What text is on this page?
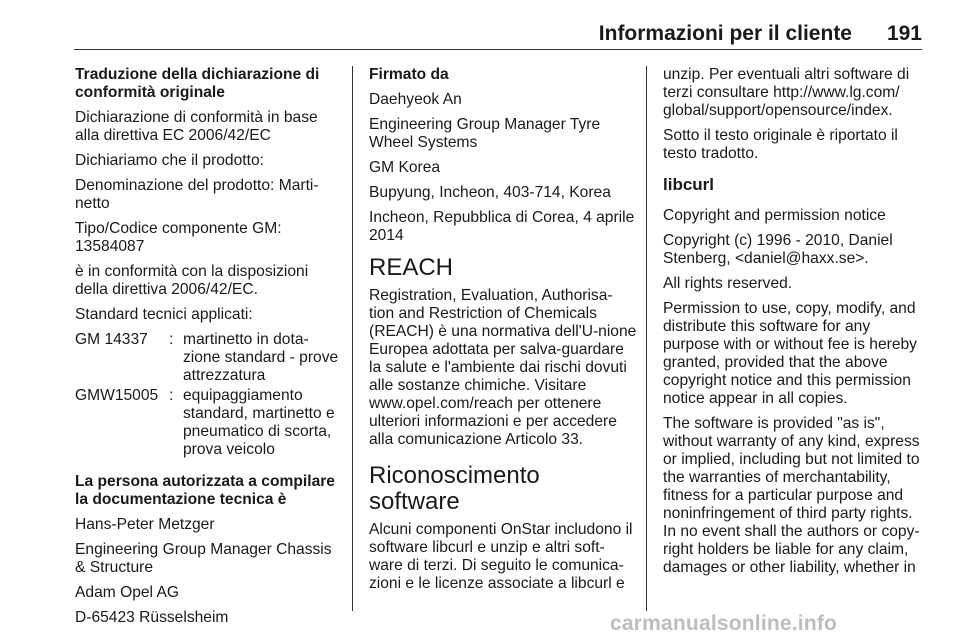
Informazioni per il cliente 191

Traduzione della dichiarazione di conformità originale

Dichiarazione di conformità in base alla direttiva EC 2006/42/EC

Dichiariamo che il prodotto:

Denominazione del prodotto: Marti-netto

Tipo/Codice componente GM: 13584087

è in conformità con la disposizioni della direttiva 2006/42/EC.

Standard tecnici applicati:

GM 14337	: martinetto in dota-zione standard - prove attrezzatura
GMW15005 : equipaggiamento standard, martinetto e pneumatico di scorta, prova veicolo

La persona autorizzata a compilare la documentazione tecnica è

Hans-Peter Metzger

Engineering Group Manager Chassis & Structure

Adam Opel AG

D-65423 Rüsselsheim

Firmato da

Daehyeok An

Engineering Group Manager Tyre Wheel Systems

GM Korea

Bupyung, Incheon, 403-714, Korea

Incheon, Repubblica di Corea, 4 aprile 2014

REACH

Registration, Evaluation, Authorisa-tion and Restriction of Chemicals (REACH) è una normativa dell'U-nione Europea adottata per salva-guardare la salute e l'ambiente dai rischi dovuti alle sostanze chimiche. Visitare www.opel.com/reach per ottenere ulteriori informazioni e per accedere alla comunicazione Articolo 33.

Riconoscimento software

Alcuni componenti OnStar includono il software libcurl e unzip e altri soft-ware di terzi. Di seguito le comunica-zioni e le licenze associate a libcurl e

unzip. Per eventuali altri software di terzi consultare http://www.lg.com/ global/support/opensource/index.

Sotto il testo originale è riportato il testo tradotto.

libcurl

Copyright and permission notice

Copyright (c) 1996 - 2010, Daniel Stenberg, <daniel@haxx.se>.

All rights reserved.

Permission to use, copy, modify, and distribute this software for any purpose with or without fee is hereby granted, provided that the above copyright notice and this permission notice appear in all copies.

The software is provided "as is", without warranty of any kind, express or implied, including but not limited to the warranties of merchantability, fitness for a particular purpose and noninfringement of third party rights. In no event shall the authors or copy-right holders be liable for any claim, damages or other liability, whether in

carmanualsonline.info
